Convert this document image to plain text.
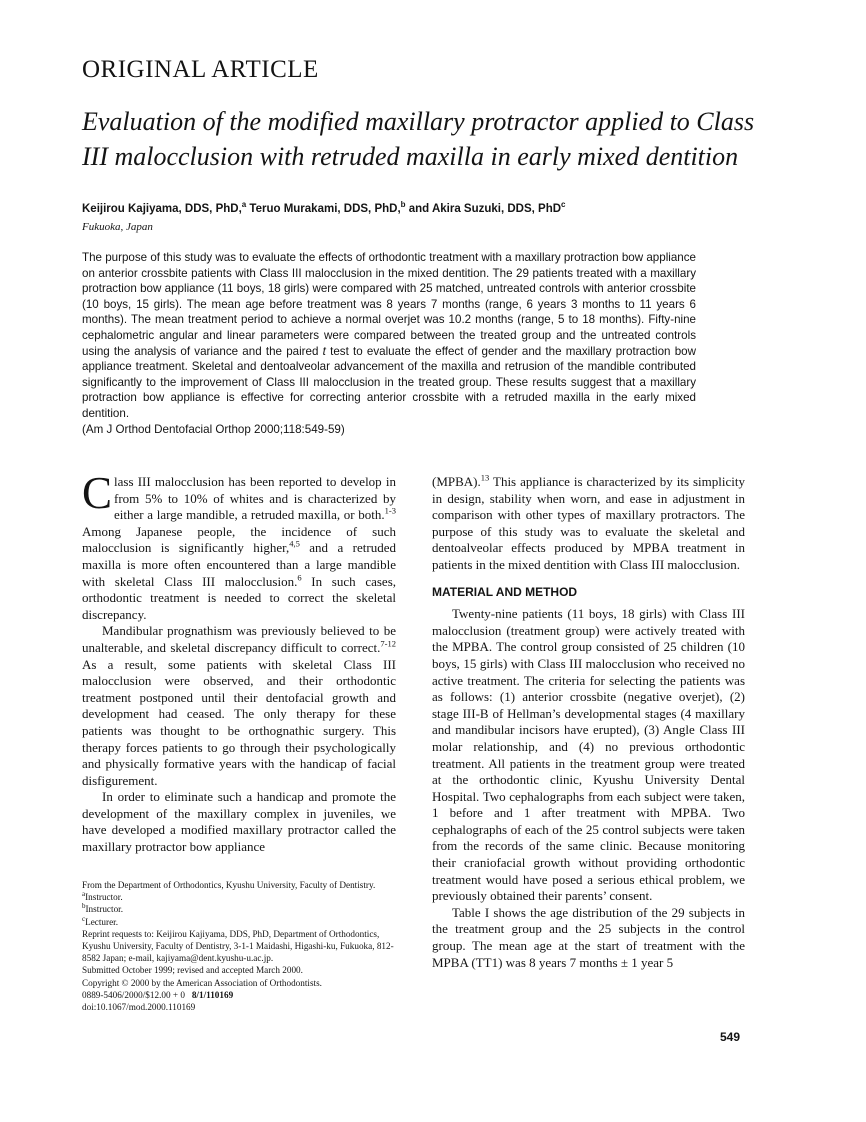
ORIGINAL ARTICLE
Evaluation of the modified maxillary protractor applied to Class III malocclusion with retruded maxilla in early mixed dentition
Keijirou Kajiyama, DDS, PhD,$^a$ Teruo Murakami, DDS, PhD,$^b$ and Akira Suzuki, DDS, PhD$^c$
Fukuoka, Japan

The purpose of this study was to evaluate the effects of orthodontic treatment with a maxillary protraction bow appliance on anterior crossbite patients with Class III malocclusion in the mixed dentition. The 29 patients treated with a maxillary protraction bow appliance (11 boys, 18 girls) were compared with 25 matched, untreated controls with anterior crossbite (10 boys, 15 girls). The mean age before treatment was 8 years 7 months (range, 6 years 3 months to 11 years 6 months). The mean treatment period to achieve a normal overjet was 10.2 months (range, 5 to 18 months). Fifty-nine cephalometric angular and linear parameters were compared between the treated group and the untreated controls using the analysis of variance and the paired t test to evaluate the effect of gender and the maxillary protraction bow appliance treatment. Skeletal and dentoalveolar advancement of the maxilla and retrusion of the mandible contributed significantly to the improvement of Class III malocclusion in the treated group. These results suggest that a maxillary protraction bow appliance is effective for correcting anterior crossbite with a retruded maxilla in the early mixed dentition.

(Am J Orthod Dentofacial Orthop 2000;118:549-59)

Class III malocclusion has been reported to develop in from 5% to 10% of whites and is characterized by either a large mandible, a retruded maxilla, or both.$^{1-3}$ Among Japanese people, the incidence of such malocclusion is significantly higher,$^{4,5}$ and a retruded maxilla is more often encountered than a large mandible with skeletal Class III malocclusion.$^6$ In such cases, orthodontic treatment is needed to correct the skeletal discrepancy.

Mandibular prognathism was previously believed to be unalterable, and skeletal discrepancy difficult to correct.$^{7-12}$ As a result, some patients with skeletal Class III malocclusion were observed, and their orthodontic treatment postponed until their dentofacial growth and development had ceased. The only therapy for these patients was thought to be orthognathic surgery. This therapy forces patients to go through their psychologically and physically formative years with the handicap of facial disfigurement.

In order to eliminate such a handicap and promote the development of the maxillary complex in juveniles, we have developed a modified maxillary protractor called the maxillary protractor bow appliance

(MPBA).$^{13}$ This appliance is characterized by its simplicity in design, stability when worn, and ease in adjustment in comparison with other types of maxillary protractors. The purpose of this study was to evaluate the skeletal and dentoalveolar effects produced by MPBA treatment in patients in the mixed dentition with Class III malocclusion.

MATERIAL AND METHOD

Twenty-nine patients (11 boys, 18 girls) with Class III malocclusion (treatment group) were actively treated with the MPBA. The control group consisted of 25 children (10 boys, 15 girls) with Class III malocclusion who received no active treatment. The criteria for selecting the patients was as follows: (1) anterior crossbite (negative overjet), (2) stage III-B of Hellman’s developmental stages (4 maxillary and mandibular incisors have erupted), (3) Angle Class III molar relationship, and (4) no previous orthodontic treatment. All patients in the treatment group were treated at the orthodontic clinic, Kyushu University Dental Hospital. Two cephalographs from each subject were taken, 1 before and 1 after treatment with MPBA. Two cephalographs of each of the 25 control subjects were taken from the records of the same clinic. Because monitoring their craniofacial growth without providing orthodontic treatment would have posed a serious ethical problem, we previously obtained their parents’ consent.

Table I shows the age distribution of the 29 subjects in the treatment group and the 25 subjects in the control group. The mean age at the start of treatment with the MPBA (TT1) was 8 years 7 months ± 1 year 5

From the Department of Orthodontics, Kyushu University, Faculty of Dentistry.
$^a$Instructor.
$^b$Instructor.
$^c$Lecturer.
Reprint requests to: Keijirou Kajiyama, DDS, PhD, Department of Orthodontics, Kyushu University, Faculty of Dentistry, 3-1-1 Maidashi, Higashi-ku, Fukuoka, 812-8582 Japan; e-mail, kajiyama@dent.kyushu-u.ac.jp.
Submitted October 1999; revised and accepted March 2000.
Copyright © 2000 by the American Association of Orthodontists.
0889-5406/2000/$12.00 + 0 8/1/110169
doi:10.1067/mod.2000.110169
549
